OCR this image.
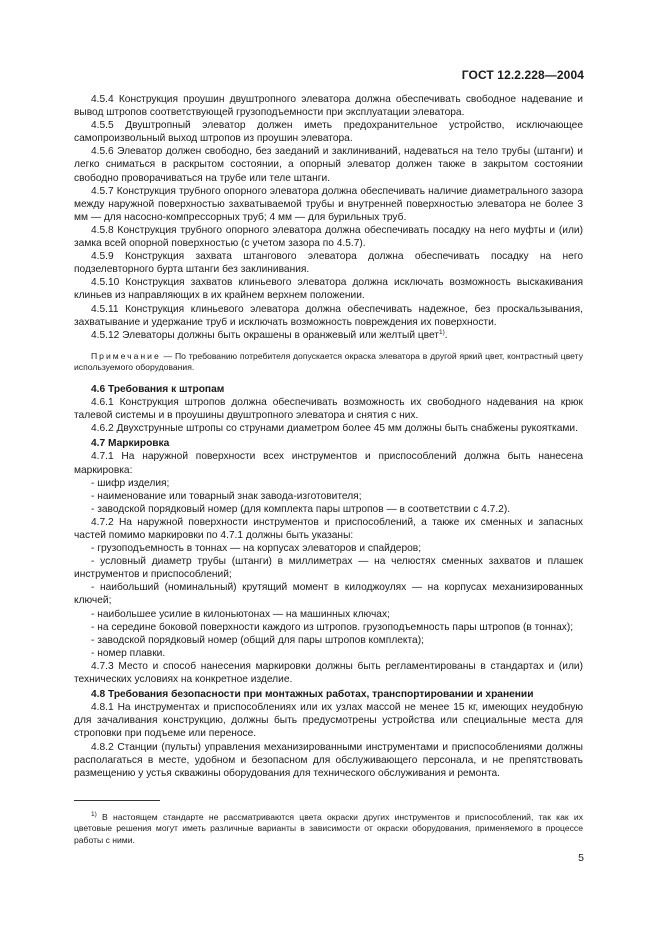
ГОСТ 12.2.228—2004

4.5.4 Конструкция проушин двуштропного элеватора должна обеспечивать свободное надевание и вывод штропов соответствующей грузоподъемности при эксплуатации элеватора.

4.5.5 Двуштропный элеватор должен иметь предохранительное устройство, исключающее самопроизвольный выход штропов из проушин элеватора.

4.5.6 Элеватор должен свободно, без заеданий и заклиниваний, надеваться на тело трубы (штанги) и легко сниматься в раскрытом состоянии, а опорный элеватор должен также в закрытом состоянии свободно проворачиваться на трубе или теле штанги.

4.5.7 Конструкция трубного опорного элеватора должна обеспечивать наличие диаметрального зазора между наружной поверхностью захватываемой трубы и внутренней поверхностью элеватора не более 3 мм — для насосно-компрессорных труб; 4 мм — для бурильных труб.

4.5.8 Конструкция трубного опорного элеватора должна обеспечивать посадку на него муфты и (или) замка всей опорной поверхностью (с учетом зазора по 4.5.7).

4.5.9 Конструкция захвата штангового элеватора должна обеспечивать посадку на него подзелевторного бурта штанги без заклинивания.

4.5.10 Конструкция захватов клиньевого элеватора должна исключать возможность выскакивания клиньев из направляющих в их крайнем верхнем положении.

4.5.11 Конструкция клиньевого элеватора должна обеспечивать надежное, без проскальзывания, захватывание и удержание труб и исключать возможность повреждения их поверхности.

4.5.12 Элеваторы должны быть окрашены в оранжевый или желтый цвет$^{1)}$.

Примечание — По требованию потребителя допускается окраска элеватора в другой яркий цвет, контрастный цвету используемого оборудования.

4.6 Требования к штропам

4.6.1 Конструкция штропов должна обеспечивать возможность их свободного надевания на крюк талевой системы и в проушины двуштропного элеватора и снятия с них.

4.6.2 Двухструнные штропы со струнами диаметром более 45 мм должны быть снабжены рукоятками.

4.7 Маркировка

4.7.1 На наружной поверхности всех инструментов и приспособлений должна быть нанесена маркировка:

- шифр изделия;

- наименование или товарный знак завода-изготовителя;

- заводской порядковый номер (для комплекта пары штропов — в соответствии с 4.7.2).

4.7.2 На наружной поверхности инструментов и приспособлений, а также их сменных и запасных частей помимо маркировки по 4.7.1 должны быть указаны:

- грузоподъемность в тоннах — на корпусах элеваторов и спайдеров;

- условный диаметр трубы (штанги) в миллиметрах — на челюстях сменных захватов и плашек инструментов и приспособлений;

- наибольший (номинальный) крутящий момент в килоджоулях — на корпусах механизированных ключей;

- наибольшее усилие в килоньютонах — на машинных ключах;

- на середине боковой поверхности каждого из штропов. грузоподъемность пары штропов (в тоннах);

- заводской порядковый номер (общий для пары штропов комплекта);

- номер плавки.

4.7.3 Место и способ нанесения маркировки должны быть регламентированы в стандартах и (или) технических условиях на конкретное изделие.

4.8 Требования безопасности при монтажных работах, транспортировании и хранении

4.8.1 На инструментах и приспособлениях или их узлах массой не менее 15 кг, имеющих неудобную для зачаливания конструкцию, должны быть предусмотрены устройства или специальные места для строповки при подъеме или переносе.

4.8.2 Станции (пульты) управления механизированными инструментами и приспособлениями должны располагаться в месте, удобном и безопасном для обслуживающего персонала, и не препятствовать размещению у устья скважины оборудования для технического обслуживания и ремонта.

$^{1)}$ В настоящем стандарте не рассматриваются цвета окраски других инструментов и приспособлений, так как их цветовые решения могут иметь различные варианты в зависимости от окраски оборудования, применяемого в процессе работы с ними.

5
